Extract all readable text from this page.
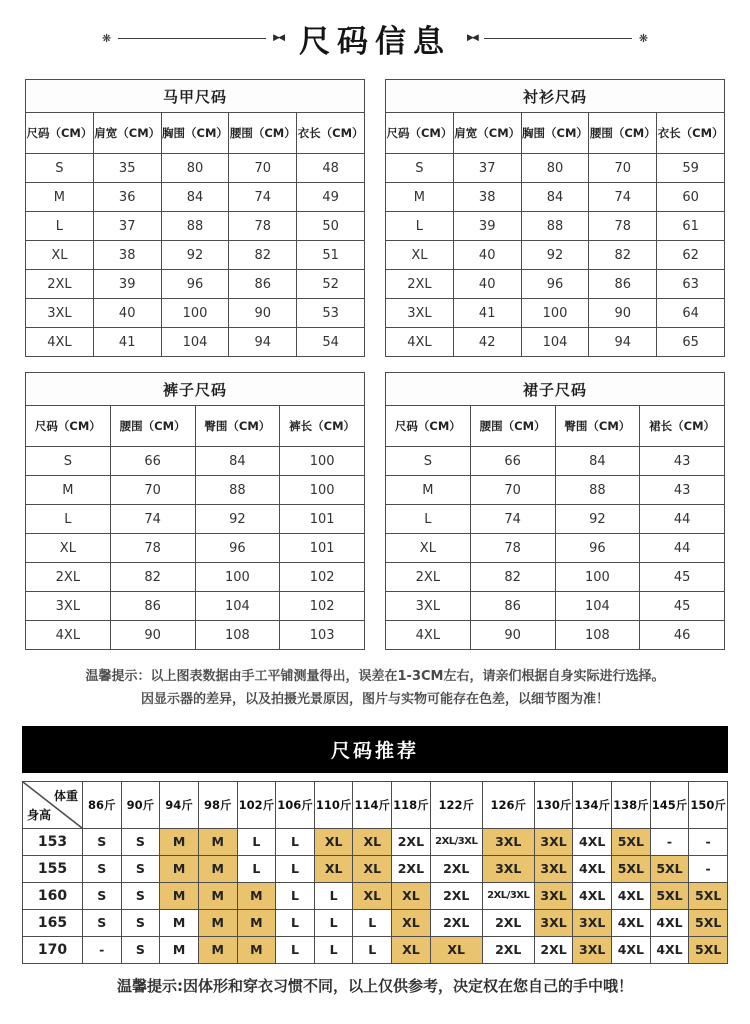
❋	▶◀ 尺码信息 ▶◀	❋
马甲尺码				
尺码（CM）	肩宽（CM）	胸围（CM）	腰围（CM）	衣长（CM）
S	35	80	70	48
M	36	84	74	49
L	37	88	78	50
XL	38	92	82	51
2XL	39	96	86	52
3XL	40	100	90	53
4XL	41	104	94	54
衬衫尺码				
尺码（CM）	肩宽（CM）	胸围（CM）	腰围（CM）	衣长（CM）
S	37	80	70	59
M	38	84	74	60
L	39	88	78	61
XL	40	92	82	62
2XL	40	96	86	63
3XL	41	100	90	64
4XL	42	104	94	65
裤子尺码			
尺码（CM）	腰围（CM）	臀围（CM）	裤长（CM）
S	66	84	100
M	70	88	100
L	74	92	101
XL	78	96	101
2XL	82	100	102
3XL	86	104	102
4XL	90	108	103
裙子尺码			
尺码（CM）	腰围（CM）	臀围（CM）	裙长（CM）
S	66	84	43
M	70	88	43
L	74	92	44
XL	78	96	44
2XL	82	100	45
3XL	86	104	45
4XL	90	108	46
温馨提示：以上图表数据由手工平铺测量得出，误差在1-3CM左右，请亲们根据自身实际进行选择。
因显示器的差异，以及拍摄光景原因，图片与实物可能存在色差，以细节图为准！
尺码推荐
体重
身高	86斤	90斤	94斤	98斤	102斤	106斤	110斤	114斤	118斤	122斤	126斤	130斤	134斤	138斤	145斤	150斤
153	S	S	M	M	L	L	XL	XL	2XL	2XL/3XL	3XL	3XL	4XL	5XL	-	-
155	S	S	M	M	L	L	XL	XL	2XL	2XL	3XL	3XL	4XL	5XL	5XL	-
160	S	S	M	M	M	L	L	XL	XL	2XL	2XL/3XL	3XL	4XL	4XL	5XL	5XL
165	S	S	M	M	M	L	L	L	XL	2XL	2XL	3XL	3XL	4XL	4XL	5XL
170	-	S	M	M	M	L	L	L	XL	XL	2XL	2XL	3XL	4XL	4XL	5XL
温馨提示:因体形和穿衣习惯不同，以上仅供参考，决定权在您自己的手中哦！
